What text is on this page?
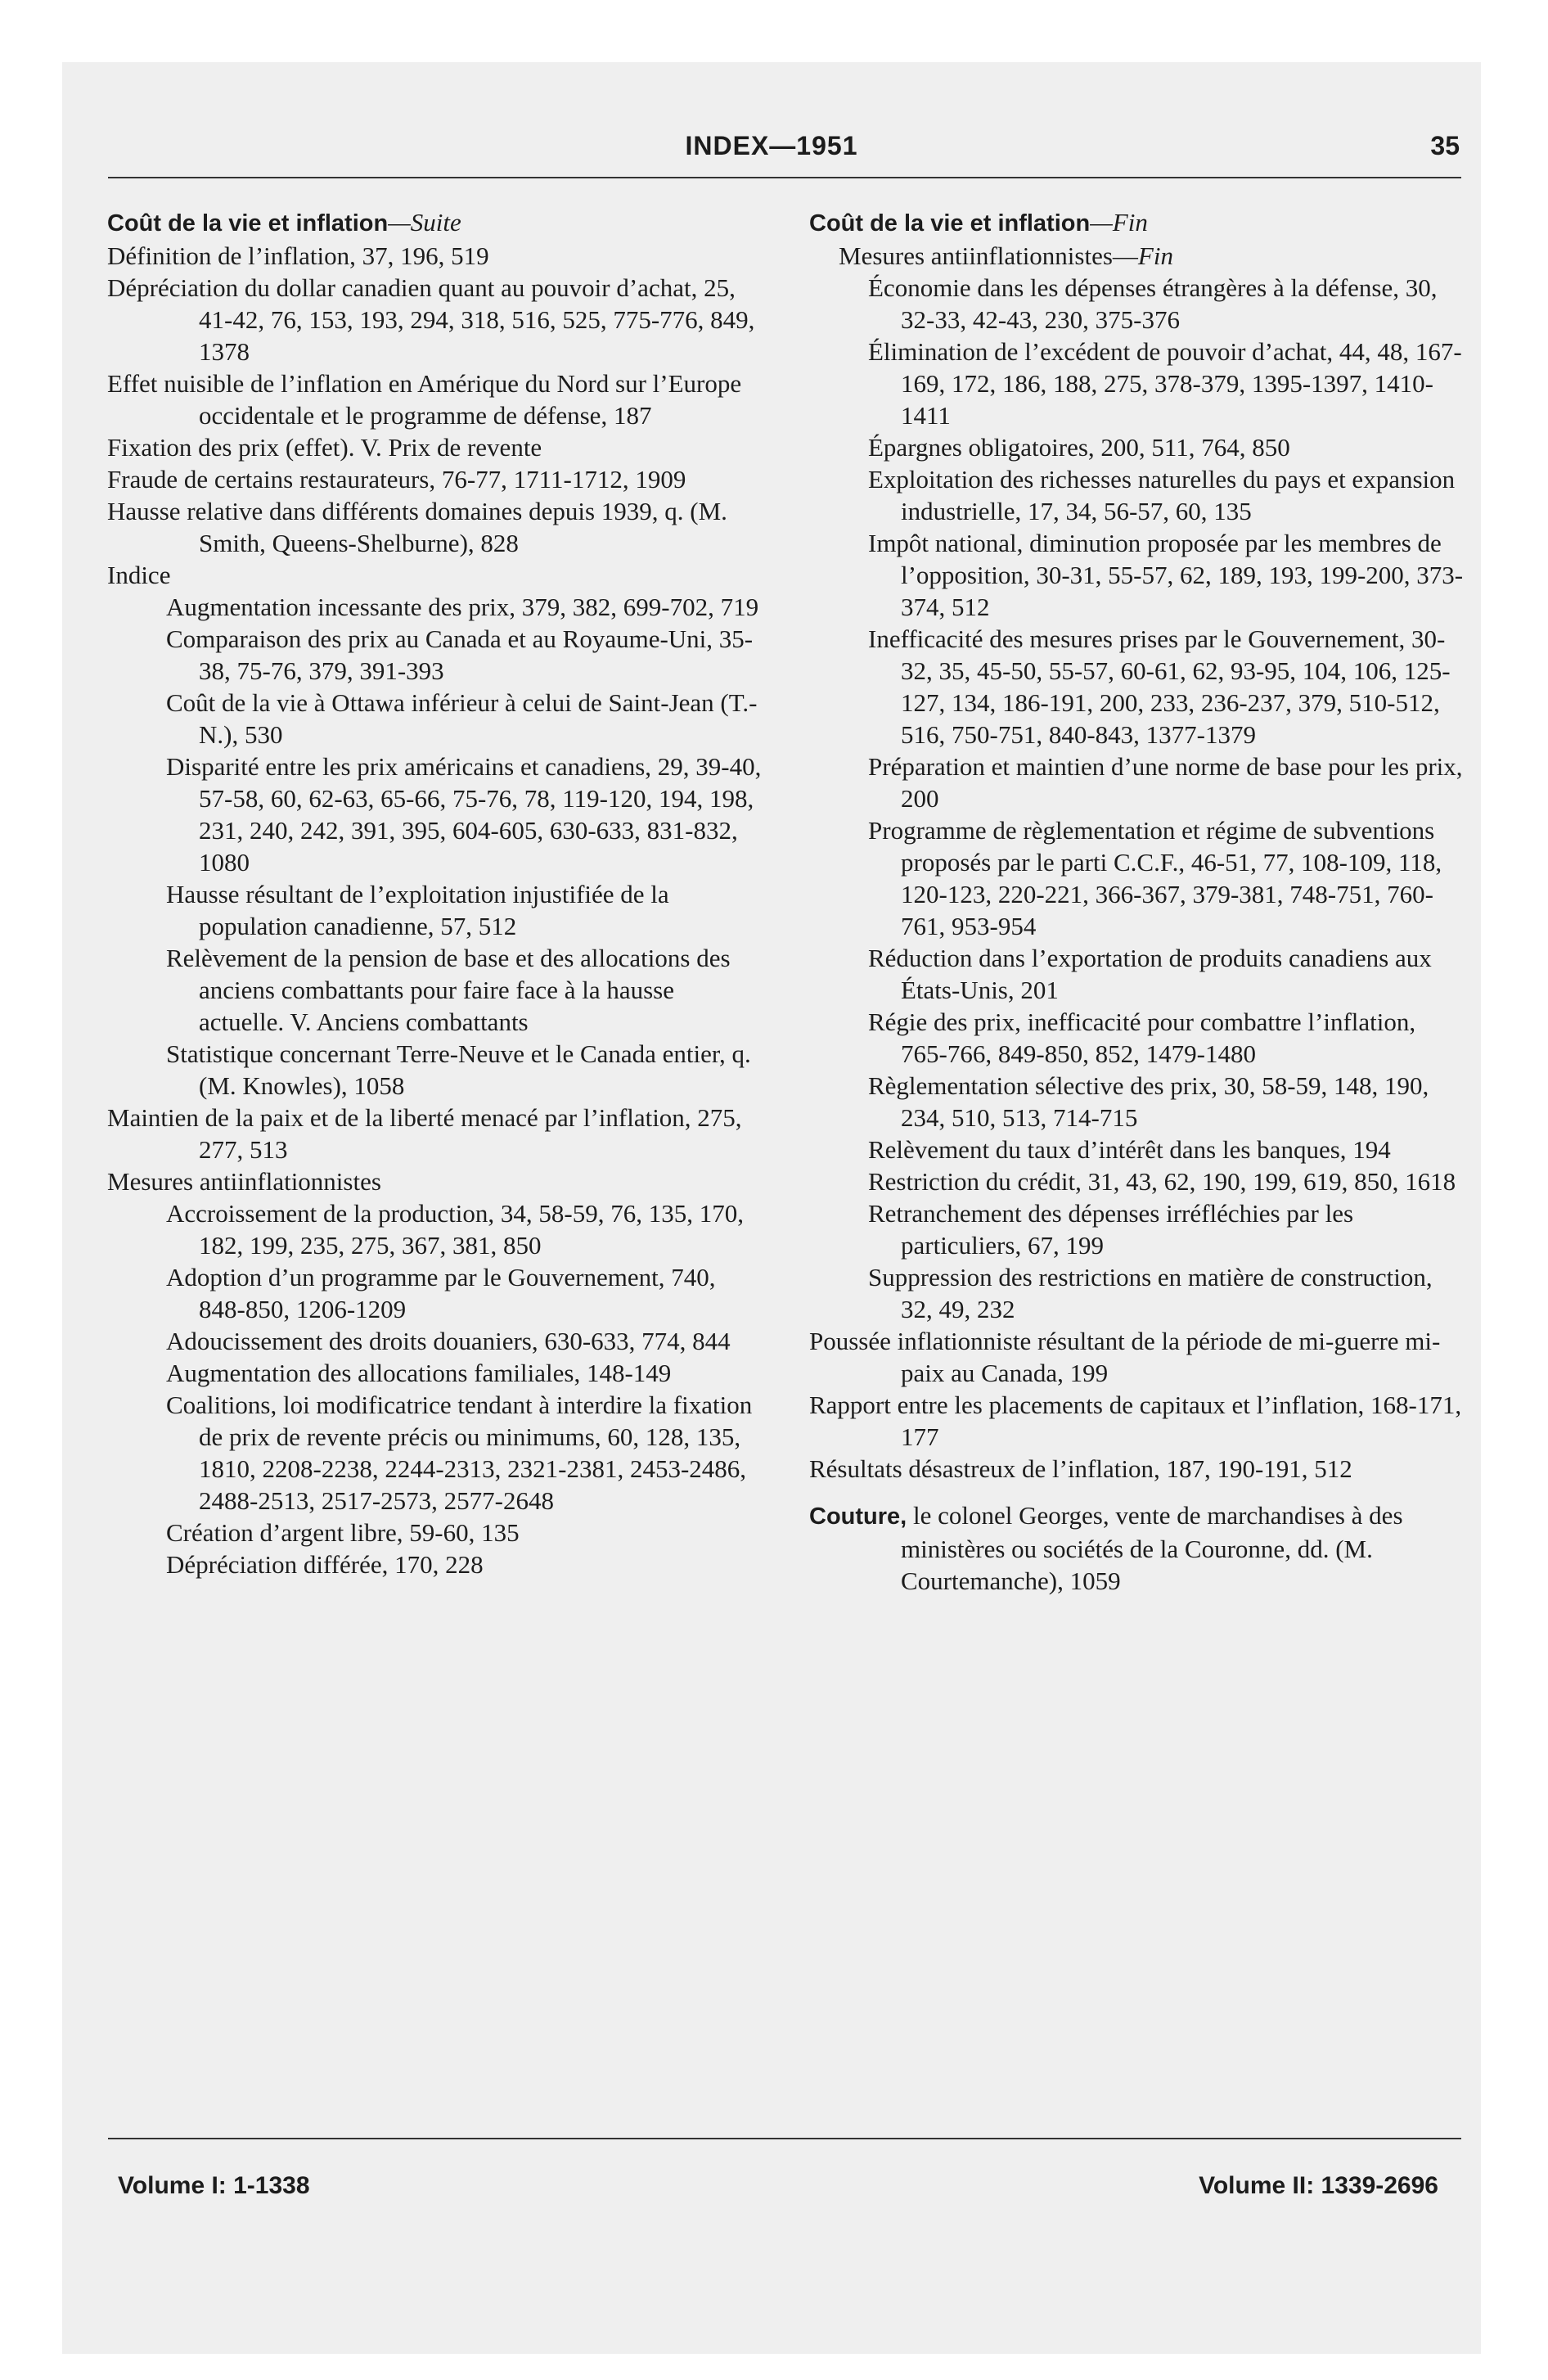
INDEX—1951	35
Coût de la vie et inflation—Suite
Définition de l’inflation, 37, 196, 519
Dépréciation du dollar canadien quant au pouvoir d’achat, 25, 41-42, 76, 153, 193, 294, 318, 516, 525, 775-776, 849, 1378
Effet nuisible de l’inflation en Amérique du Nord sur l’Europe occidentale et le programme de défense, 187
Fixation des prix (effet). V. Prix de revente
Fraude de certains restaurateurs, 76-77, 1711-1712, 1909
Hausse relative dans différents domaines depuis 1939, q. (M. Smith, Queens-Shelburne), 828
Indice
Augmentation incessante des prix, 379, 382, 699-702, 719
Comparaison des prix au Canada et au Royaume-Uni, 35-38, 75-76, 379, 391-393
Coût de la vie à Ottawa inférieur à celui de Saint-Jean (T.-N.), 530
Disparité entre les prix américains et canadiens, 29, 39-40, 57-58, 60, 62-63, 65-66, 75-76, 78, 119-120, 194, 198, 231, 240, 242, 391, 395, 604-605, 630-633, 831-832, 1080
Hausse résultant de l’exploitation injustifiée de la population canadienne, 57, 512
Relèvement de la pension de base et des allocations des anciens combattants pour faire face à la hausse actuelle. V. Anciens combattants
Statistique concernant Terre-Neuve et le Canada entier, q. (M. Knowles), 1058
Maintien de la paix et de la liberté menacé par l’inflation, 275, 277, 513
Mesures antiinflationnistes
Accroissement de la production, 34, 58-59, 76, 135, 170, 182, 199, 235, 275, 367, 381, 850
Adoption d’un programme par le Gouvernement, 740, 848-850, 1206-1209
Adoucissement des droits douaniers, 630-633, 774, 844
Augmentation des allocations familiales, 148-149
Coalitions, loi modificatrice tendant à interdire la fixation de prix de revente précis ou minimums, 60, 128, 135, 1810, 2208-2238, 2244-2313, 2321-2381, 2453-2486, 2488-2513, 2517-2573, 2577-2648
Création d’argent libre, 59-60, 135
Dépréciation différée, 170, 228
Coût de la vie et inflation—Fin
Mesures antiinflationnistes—Fin
Économie dans les dépenses étrangères à la défense, 30, 32-33, 42-43, 230, 375-376
Élimination de l’excédent de pouvoir d’achat, 44, 48, 167-169, 172, 186, 188, 275, 378-379, 1395-1397, 1410-1411
Épargnes obligatoires, 200, 511, 764, 850
Exploitation des richesses naturelles du pays et expansion industrielle, 17, 34, 56-57, 60, 135
Impôt national, diminution proposée par les membres de l’opposition, 30-31, 55-57, 62, 189, 193, 199-200, 373-374, 512
Inefficacité des mesures prises par le Gouvernement, 30-32, 35, 45-50, 55-57, 60-61, 62, 93-95, 104, 106, 125-127, 134, 186-191, 200, 233, 236-237, 379, 510-512, 516, 750-751, 840-843, 1377-1379
Préparation et maintien d’une norme de base pour les prix, 200
Programme de règlementation et régime de subventions proposés par le parti C.C.F., 46-51, 77, 108-109, 118, 120-123, 220-221, 366-367, 379-381, 748-751, 760-761, 953-954
Réduction dans l’exportation de produits canadiens aux États-Unis, 201
Régie des prix, inefficacité pour combattre l’inflation, 765-766, 849-850, 852, 1479-1480
Règlementation sélective des prix, 30, 58-59, 148, 190, 234, 510, 513, 714-715
Relèvement du taux d’intérêt dans les banques, 194
Restriction du crédit, 31, 43, 62, 190, 199, 619, 850, 1618
Retranchement des dépenses irréfléchies par les particuliers, 67, 199
Suppression des restrictions en matière de construction, 32, 49, 232
Poussée inflationniste résultant de la période de mi-guerre mi-paix au Canada, 199
Rapport entre les placements de capitaux et l’inflation, 168-171, 177
Résultats désastreux de l’inflation, 187, 190-191, 512
Couture, le colonel Georges, vente de marchandises à des ministères ou sociétés de la Couronne, dd. (M. Courtemanche), 1059
Volume I: 1-1338	Volume II: 1339-2696
